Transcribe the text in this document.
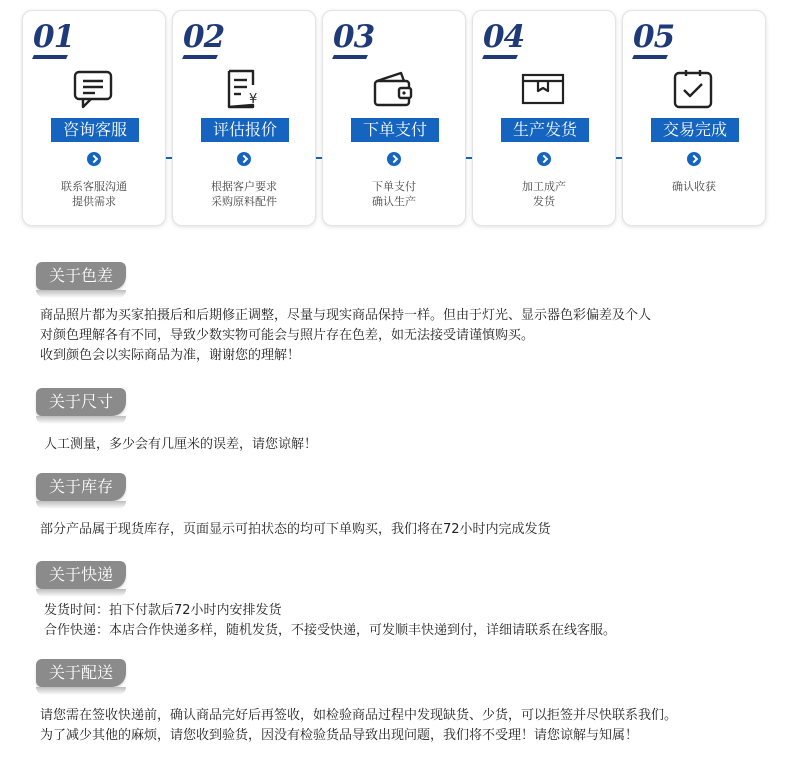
01
咨询客服
联系客服沟通
提供需求
02
¥
评估报价
根据客户要求
采购原料配件
03
下单支付
下单支付
确认生产
04
生产发货
加工成产
发货
05
交易完成
确认收获
关于色差
商品照片都为买家拍摄后和后期修正调整，尽量与现实商品保持一样。但由于灯光、显示器色彩偏差及个人
对颜色理解各有不同，导致少数实物可能会与照片存在色差，如无法接受请谨慎购买。
收到颜色会以实际商品为准，谢谢您的理解！
关于尺寸
人工测量，多少会有几厘米的误差，请您谅解！
关于库存
部分产品属于现货库存，页面显示可拍状态的均可下单购买，我们将在72小时内完成发货
关于快递
发货时间：拍下付款后72小时内安排发货
合作快递：本店合作快递多样，随机发货，不接受快递，可发顺丰快递到付，详细请联系在线客服。
关于配送
请您需在签收快递前，确认商品完好后再签收，如检验商品过程中发现缺货、少货，可以拒签并尽快联系我们。
为了减少其他的麻烦，请您收到验货，因没有检验货品导致出现问题，我们将不受理！请您谅解与知属！
